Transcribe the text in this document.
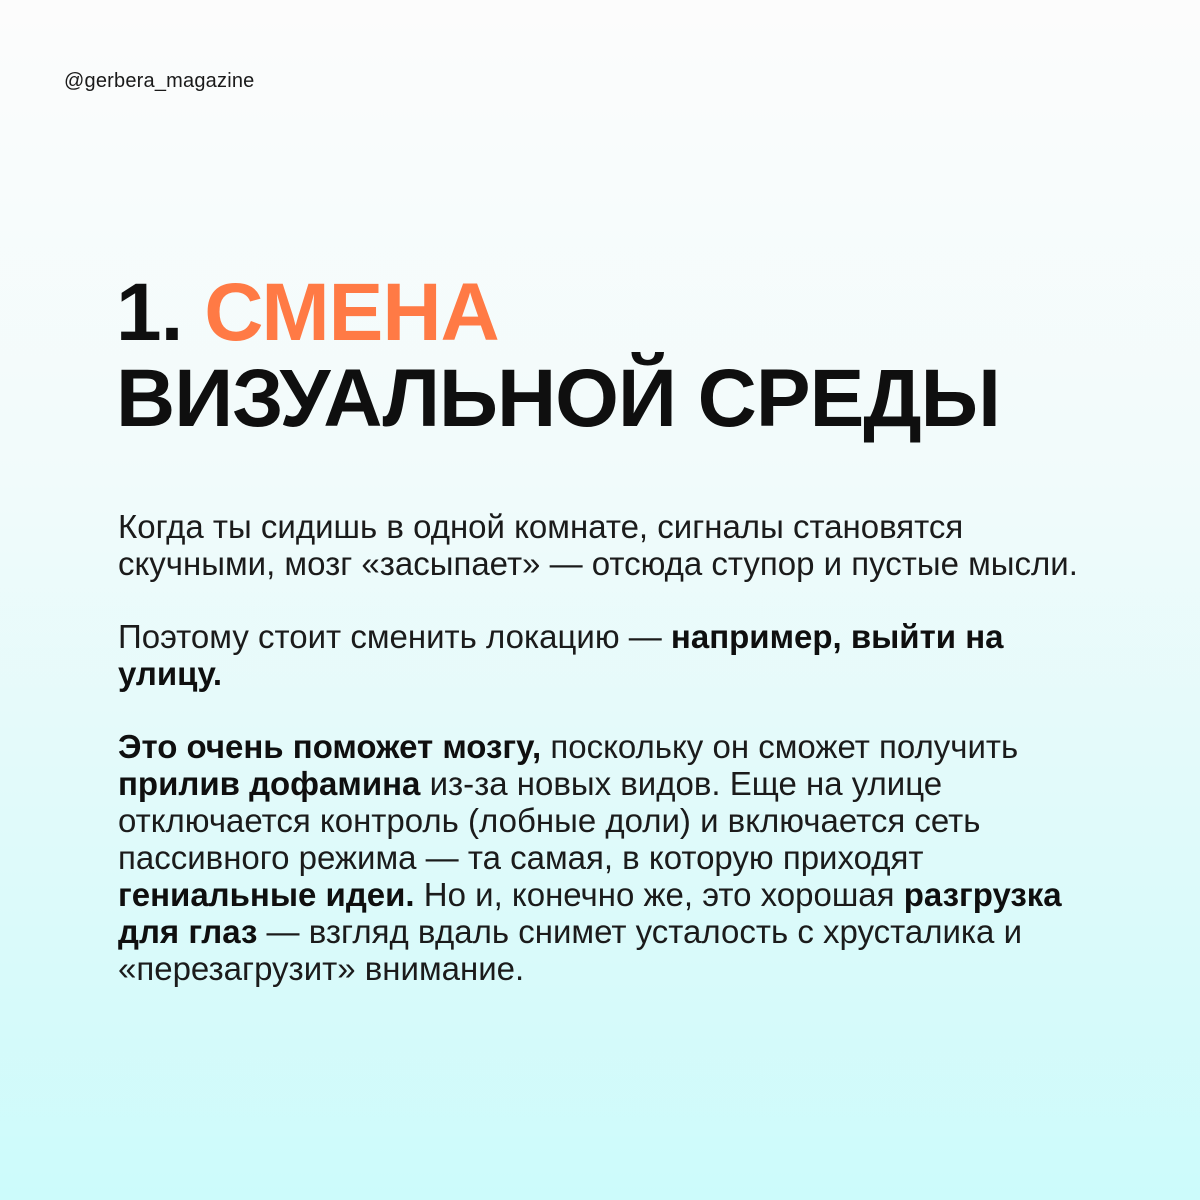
@gerbera_magazine
1. СМЕНА
ВИЗУАЛЬНОЙ СРЕДЫ

Когда ты сидишь в одной комнате, сигналы становятся скучными, мозг «засыпает» — отсюда ступор и пустые мысли.

Поэтому стоит сменить локацию — например, выйти на улицу.

Это очень поможет мозгу, поскольку он сможет получить прилив дофамина из-за новых видов. Еще на улице отключается контроль (лобные доли) и включается сеть пассивного режима — та самая, в которую приходят гениальные идеи. Но и, конечно же, это хорошая разгрузка для глаз — взгляд вдаль снимет усталость с хрусталика и «перезагрузит» внимание.
